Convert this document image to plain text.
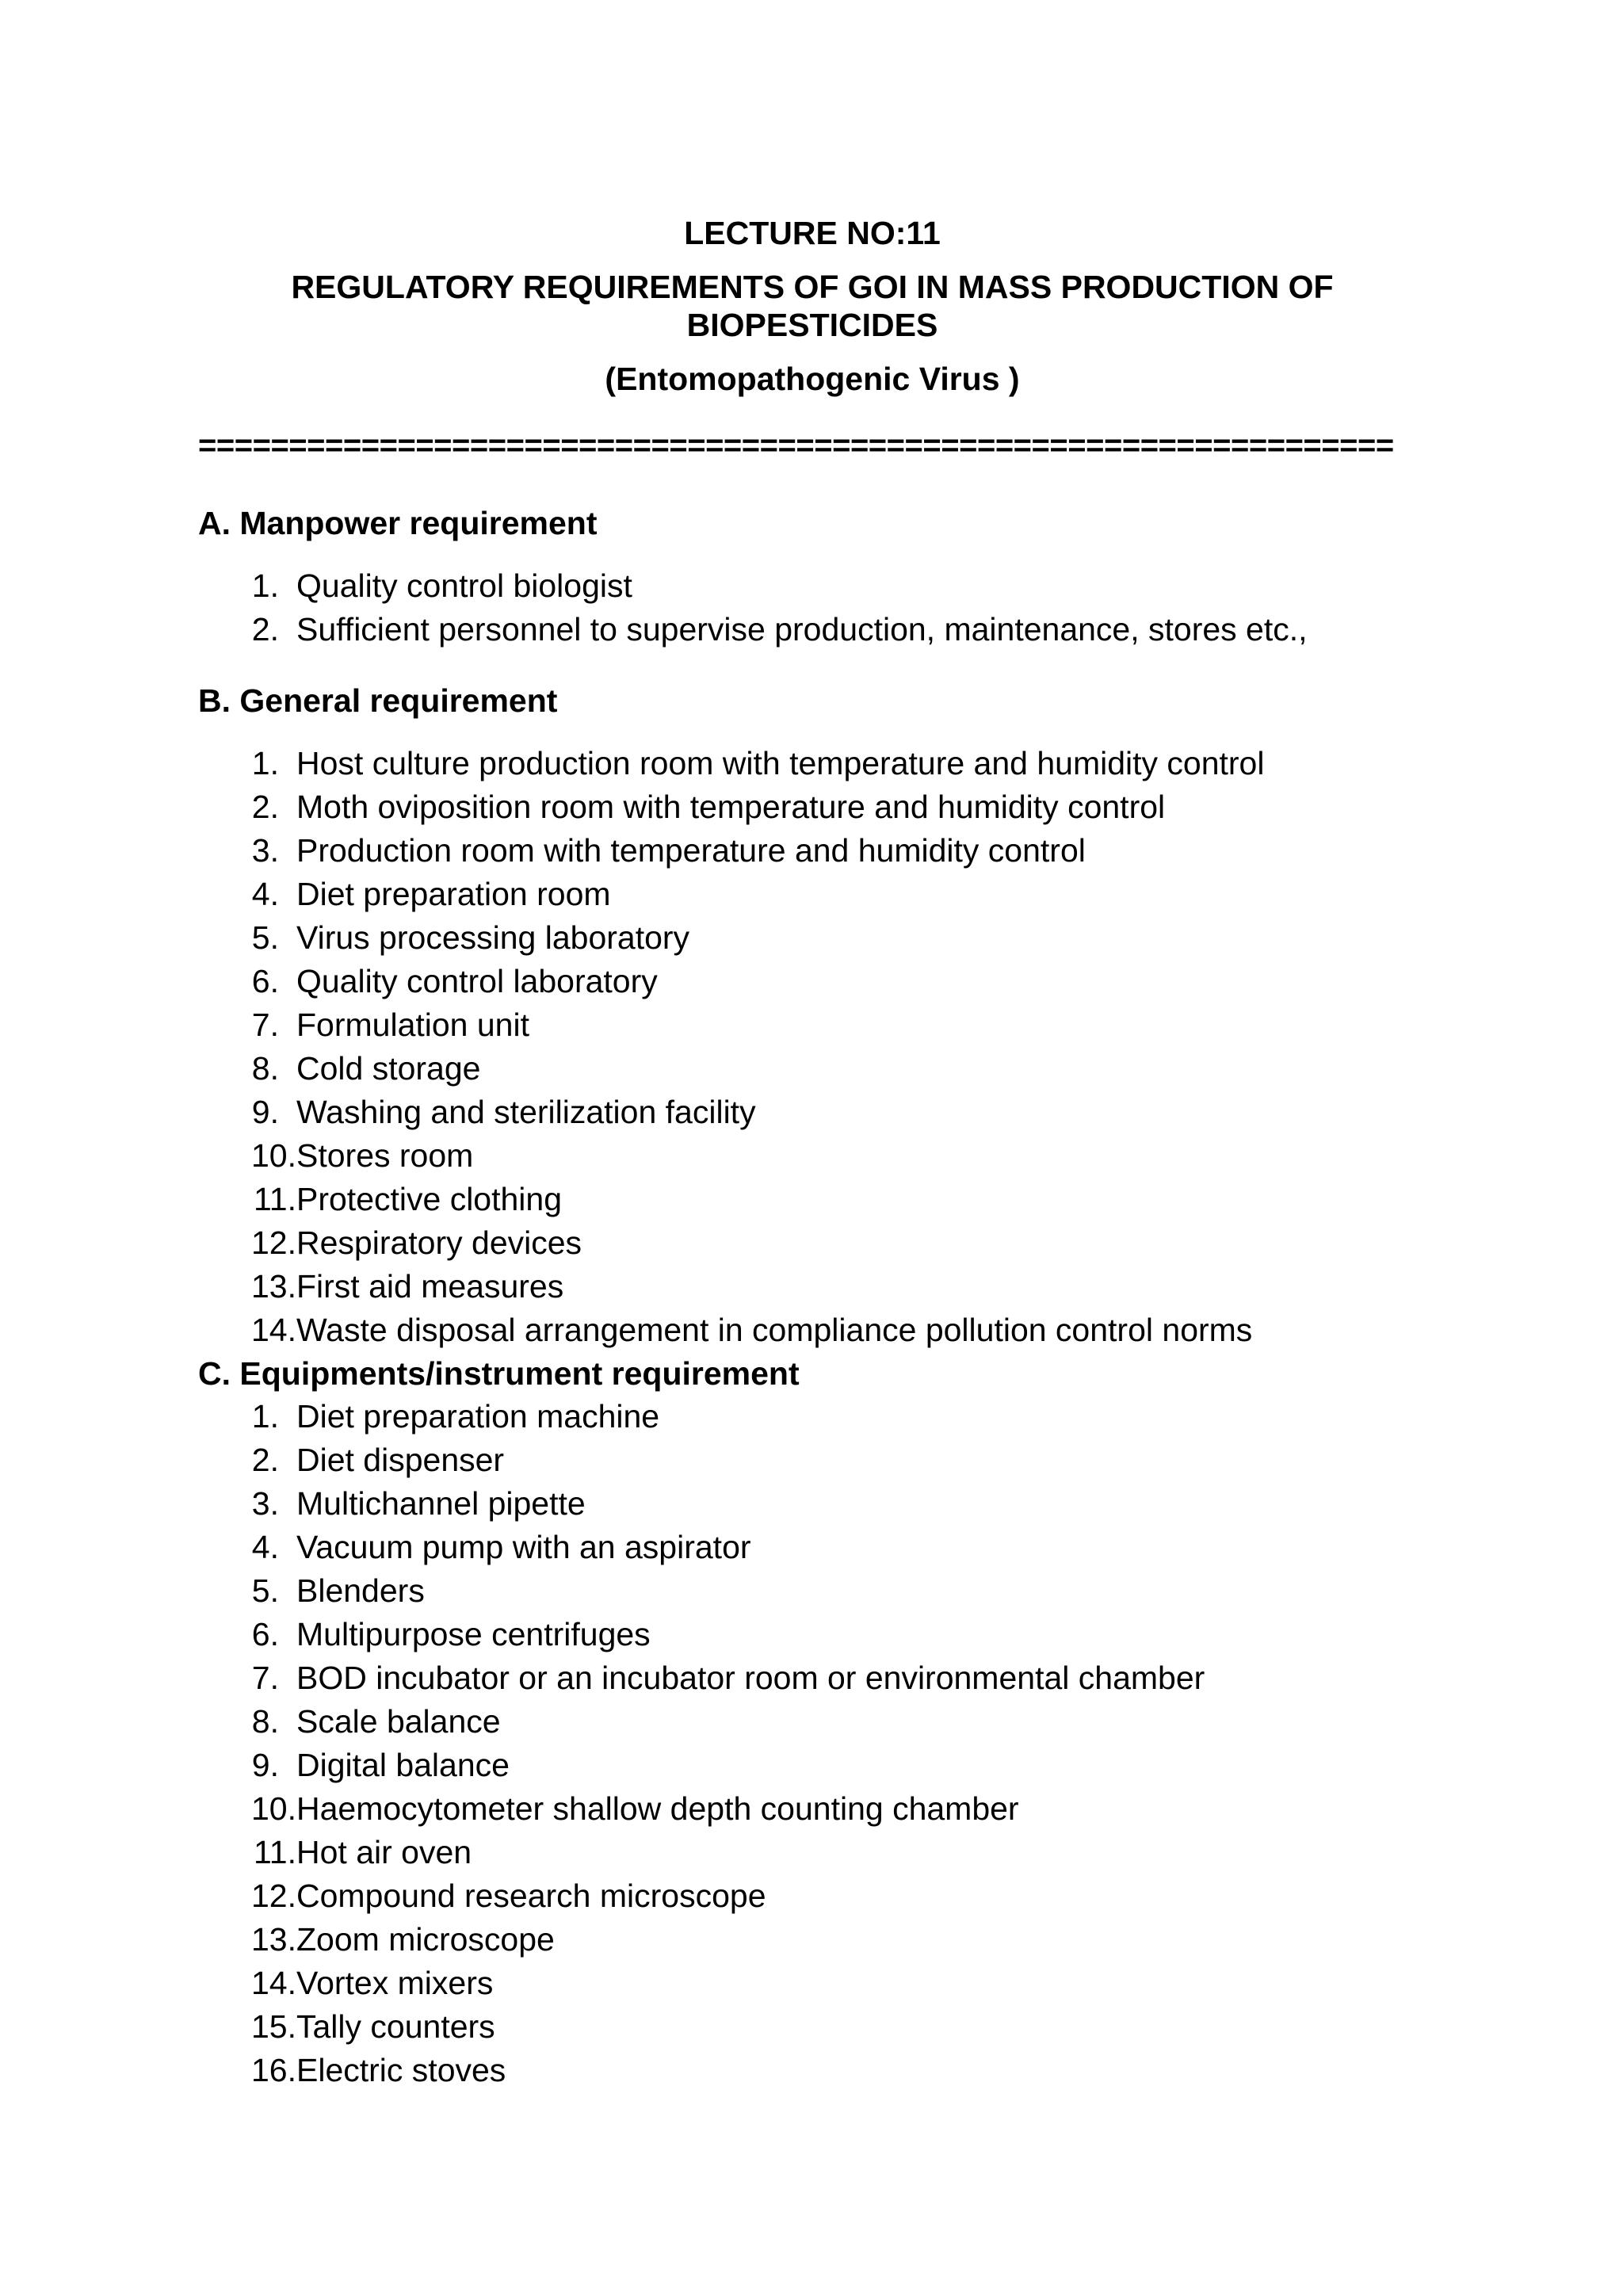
LECTURE NO:11
REGULATORY REQUIREMENTS OF GOI IN MASS PRODUCTION OF
BIOPESTICIDES
(Entomopathogenic Virus )
==================================================================
A. Manpower requirement
1. Quality control biologist
2. Sufficient personnel to supervise production, maintenance, stores etc.,
B. General requirement
1. Host culture production room with temperature and humidity control
2. Moth oviposition room with temperature and humidity control
3. Production room with temperature and humidity control
4. Diet preparation room
5. Virus processing laboratory
6. Quality control laboratory
7. Formulation unit
8. Cold storage
9. Washing and sterilization facility
10.Stores room
11.Protective clothing
12.Respiratory devices
13.First aid measures
14.Waste disposal arrangement in compliance pollution control norms
C. Equipments/instrument requirement
1. Diet preparation machine
2. Diet dispenser
3. Multichannel pipette
4. Vacuum pump with an aspirator
5. Blenders
6. Multipurpose centrifuges
7. BOD incubator or an incubator room or environmental chamber
8. Scale balance
9. Digital balance
10.Haemocytometer shallow depth counting chamber
11.Hot air oven
12.Compound research microscope
13.Zoom microscope
14.Vortex mixers
15.Tally counters
16.Electric stoves
